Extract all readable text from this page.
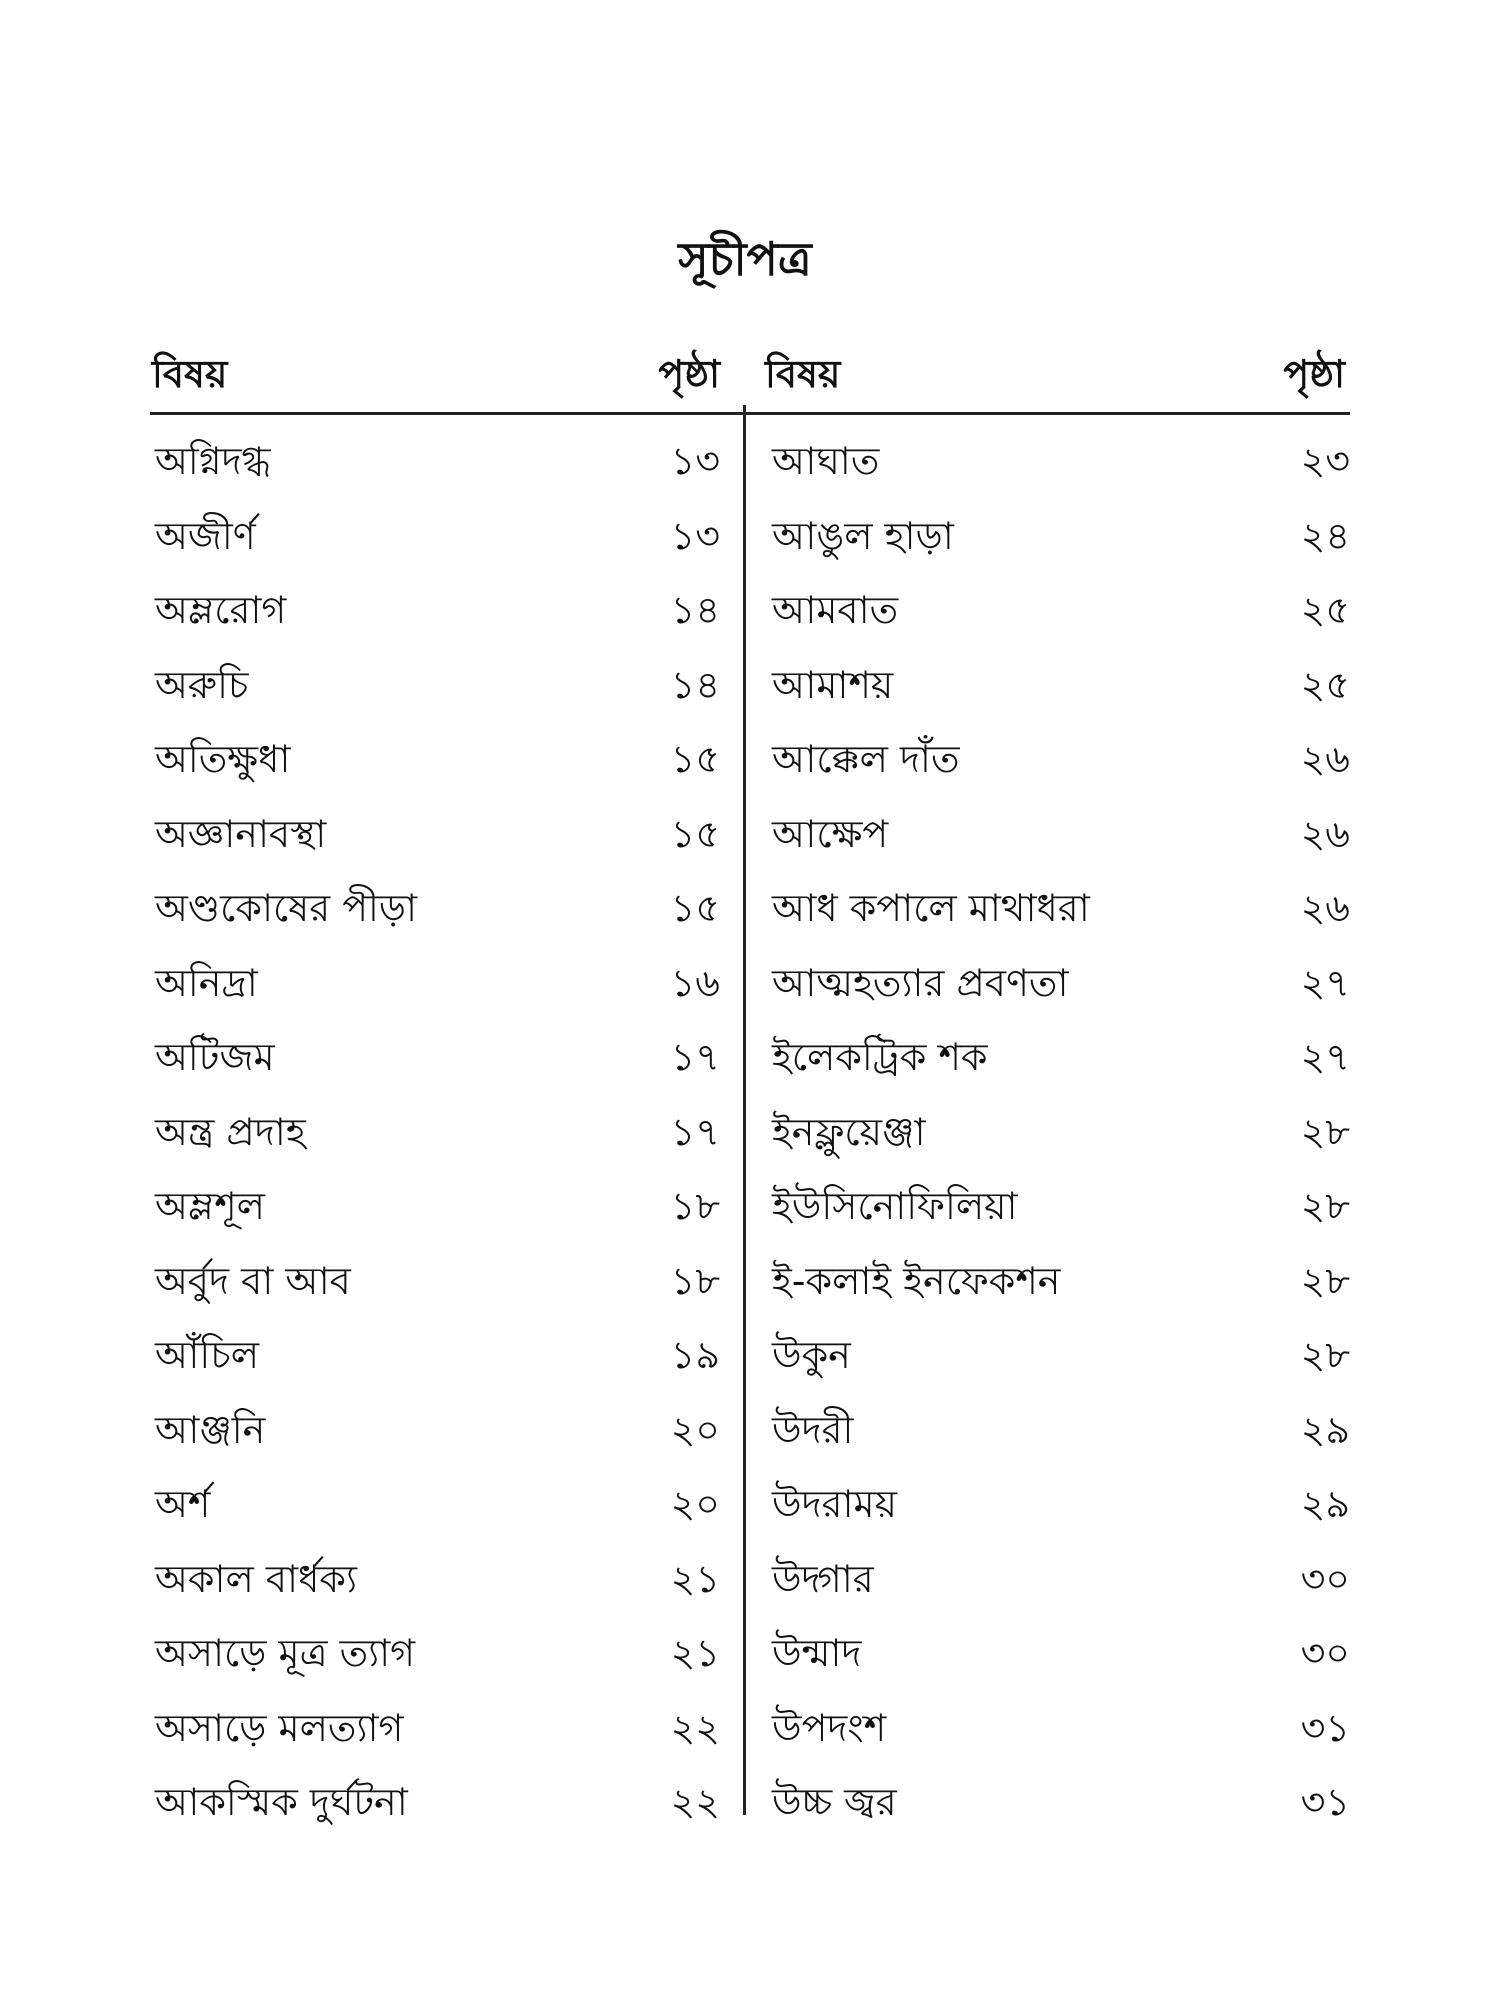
সূচীপত্র
বিষয়	পৃষ্ঠা বিষয়	পৃষ্ঠা
অগ্নিদগ্ধ	১৩ আঘাত	২৩
অজীর্ণ	১৩ আঙুল হাড়া	২৪
অম্লরোগ	১৪ আমবাত	২৫
অরুচি	১৪ আমাশয়	২৫
অতিক্ষুধা	১৫ আক্কেল দাঁত	২৬
অজ্ঞানাবস্থা	১৫ আক্ষেপ	২৬
অণ্ডকোষের পীড়া	১৫ আধ কপালে মাথাধরা	২৬
অনিদ্রা	১৬ আত্মহত্যার প্রবণতা	২৭
অটিজম	১৭ ইলেকট্রিক শক	২৭
অন্ত্র প্রদাহ	১৭ ইনফ্লুয়েঞ্জা	২৮
অম্লশূল	১৮ ইউসিনোফিলিয়া	২৮
অর্বুদ বা আব	১৮ ই-কলাই ইনফেকশন	২৮
আঁচিল	১৯ উকুন	২৮
আঞ্জনি	২০ উদরী	২৯
অর্শ	২০ উদরাময়	২৯
অকাল বার্ধক্য	২১ উদ্গার	৩০
অসাড়ে মূত্র ত্যাগ	২১ উন্মাদ	৩০
অসাড়ে মলত্যাগ	২২ উপদংশ	৩১
আকস্মিক দুর্ঘটনা	২২ উচ্চ জ্বর	৩১
